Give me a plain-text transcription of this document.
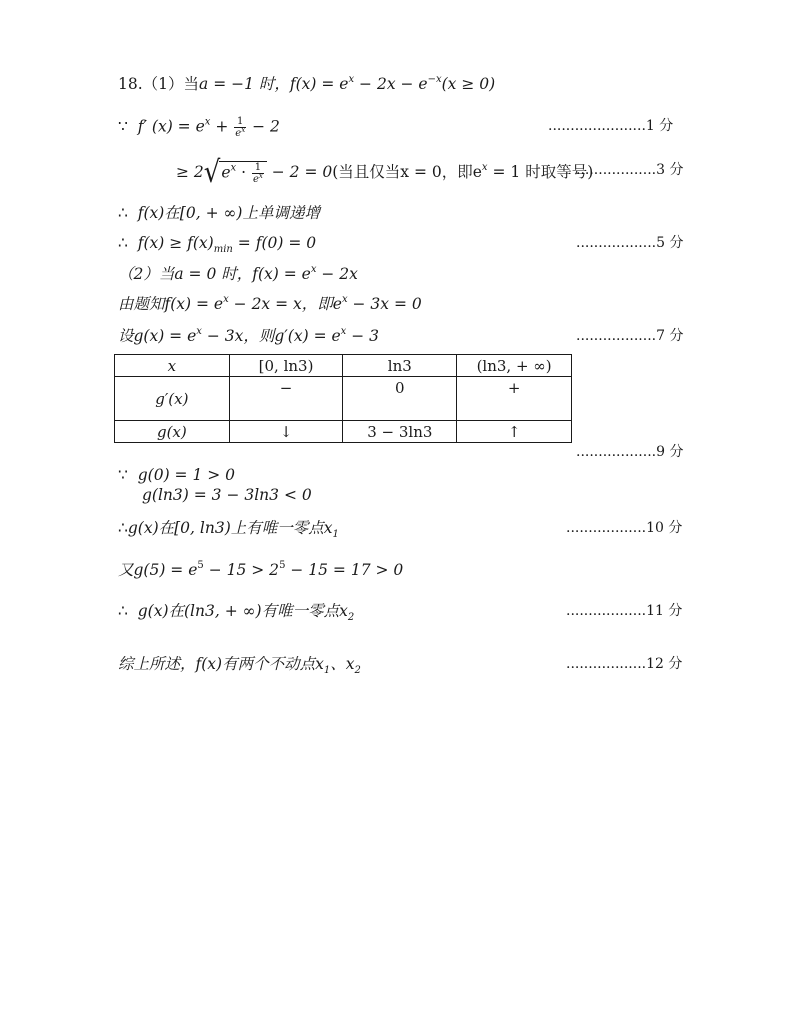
18.（1）当a = −1 时，$f(x) = e^x - 2x - e^{-x}(x \ge 0)$
∵ f′ $(x) = e^x + \frac{1}{e^x} - 2$	......................1 分
≥ $2√e^x \cdot \frac{1}{e^x} - 2 = 0$(当且仅当x = 0，即$e^x = 1$ 时取等号)
..................3 分
∴ f(x)在[0, + ∞)上单调递增
∴ $f(x) \ge f(x)_{min} = f(0) = 0$	..................5 分
（2）当a = 0 时，$f(x) = e^x - 2x$
由题知$f(x) = e^x - 2x = x$，即$e^x - 3x = 0$
设$g(x) = e^x - 3x$，则$g'(x) = e^x - 3$	..................7 分
x	[0, ln3)	ln3	(ln3, + ∞)
g′(x)	−	0	+
g(x)	↓	3 − 3ln3	↑
..................9 分
∵ g(0) = 1 > 0
g(ln3) = 3 − 3ln3 < 0
∴g(x)在[0, ln3)上有唯一零点$x_1$	..................10 分
又$g(5) = e^5 - 15 > 2^5 - 15 = 17 > 0$
∴ g(x)在(ln3, + ∞)有唯一零点$x_2$	..................11 分
综上所述，f(x)有两个不动点$x_1$、$x_2$	..................12 分
